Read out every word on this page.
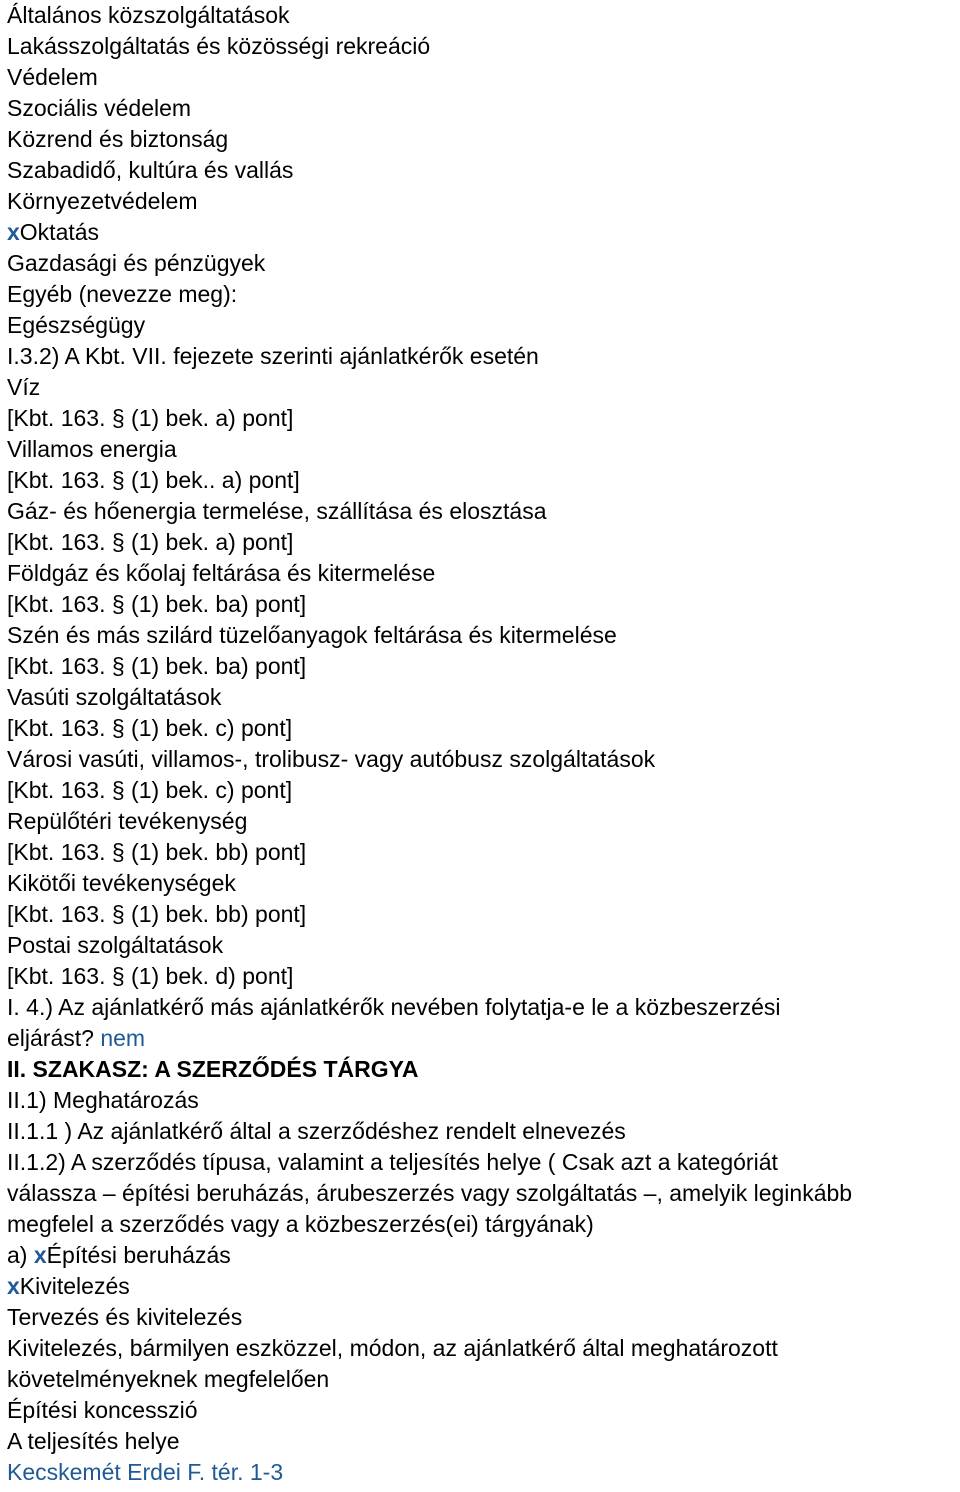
Általános közszolgáltatások

Lakásszolgáltatás és közösségi rekreáció

Védelem

Szociális védelem

Közrend és biztonság

Szabadidő, kultúra és vallás

Környezetvédelem

xOktatás

Gazdasági és pénzügyek

Egyéb (nevezze meg):

Egészségügy

I.3.2) A Kbt. VII. fejezete szerinti ajánlatkérők esetén

Víz

[Kbt. 163. § (1) bek. a) pont]

Villamos energia

[Kbt. 163. § (1) bek.. a) pont]

Gáz- és hőenergia termelése, szállítása és elosztása

[Kbt. 163. § (1) bek. a) pont]

Földgáz és kőolaj feltárása és kitermelése

[Kbt. 163. § (1) bek. ba) pont]

Szén és más szilárd tüzelőanyagok feltárása és kitermelése

[Kbt. 163. § (1) bek. ba) pont]

Vasúti szolgáltatások

[Kbt. 163. § (1) bek. c) pont]

Városi vasúti, villamos-, trolibusz- vagy autóbusz szolgáltatások

[Kbt. 163. § (1) bek. c) pont]

Repülőtéri tevékenység

[Kbt. 163. § (1) bek. bb) pont]

Kikötői tevékenységek

[Kbt. 163. § (1) bek. bb) pont]

Postai szolgáltatások

[Kbt. 163. § (1) bek. d) pont]

I. 4.) Az ajánlatkérő más ajánlatkérők nevében folytatja-e le a közbeszerzési

eljárást? nem

II. SZAKASZ: A SZERZŐDÉS TÁRGYA

II.1) Meghatározás

II.1.1 ) Az ajánlatkérő által a szerződéshez rendelt elnevezés

II.1.2) A szerződés típusa, valamint a teljesítés helye ( Csak azt a kategóriát

válassza – építési beruházás, árubeszerzés vagy szolgáltatás –, amelyik leginkább

megfelel a szerződés vagy a közbeszerzés(ei) tárgyának)

a) xÉpítési beruházás

xKivitelezés

Tervezés és kivitelezés

Kivitelezés, bármilyen eszközzel, módon, az ajánlatkérő által meghatározott

követelményeknek megfelelően

Építési koncesszió

A teljesítés helye

Kecskemét Erdei F. tér. 1-3
